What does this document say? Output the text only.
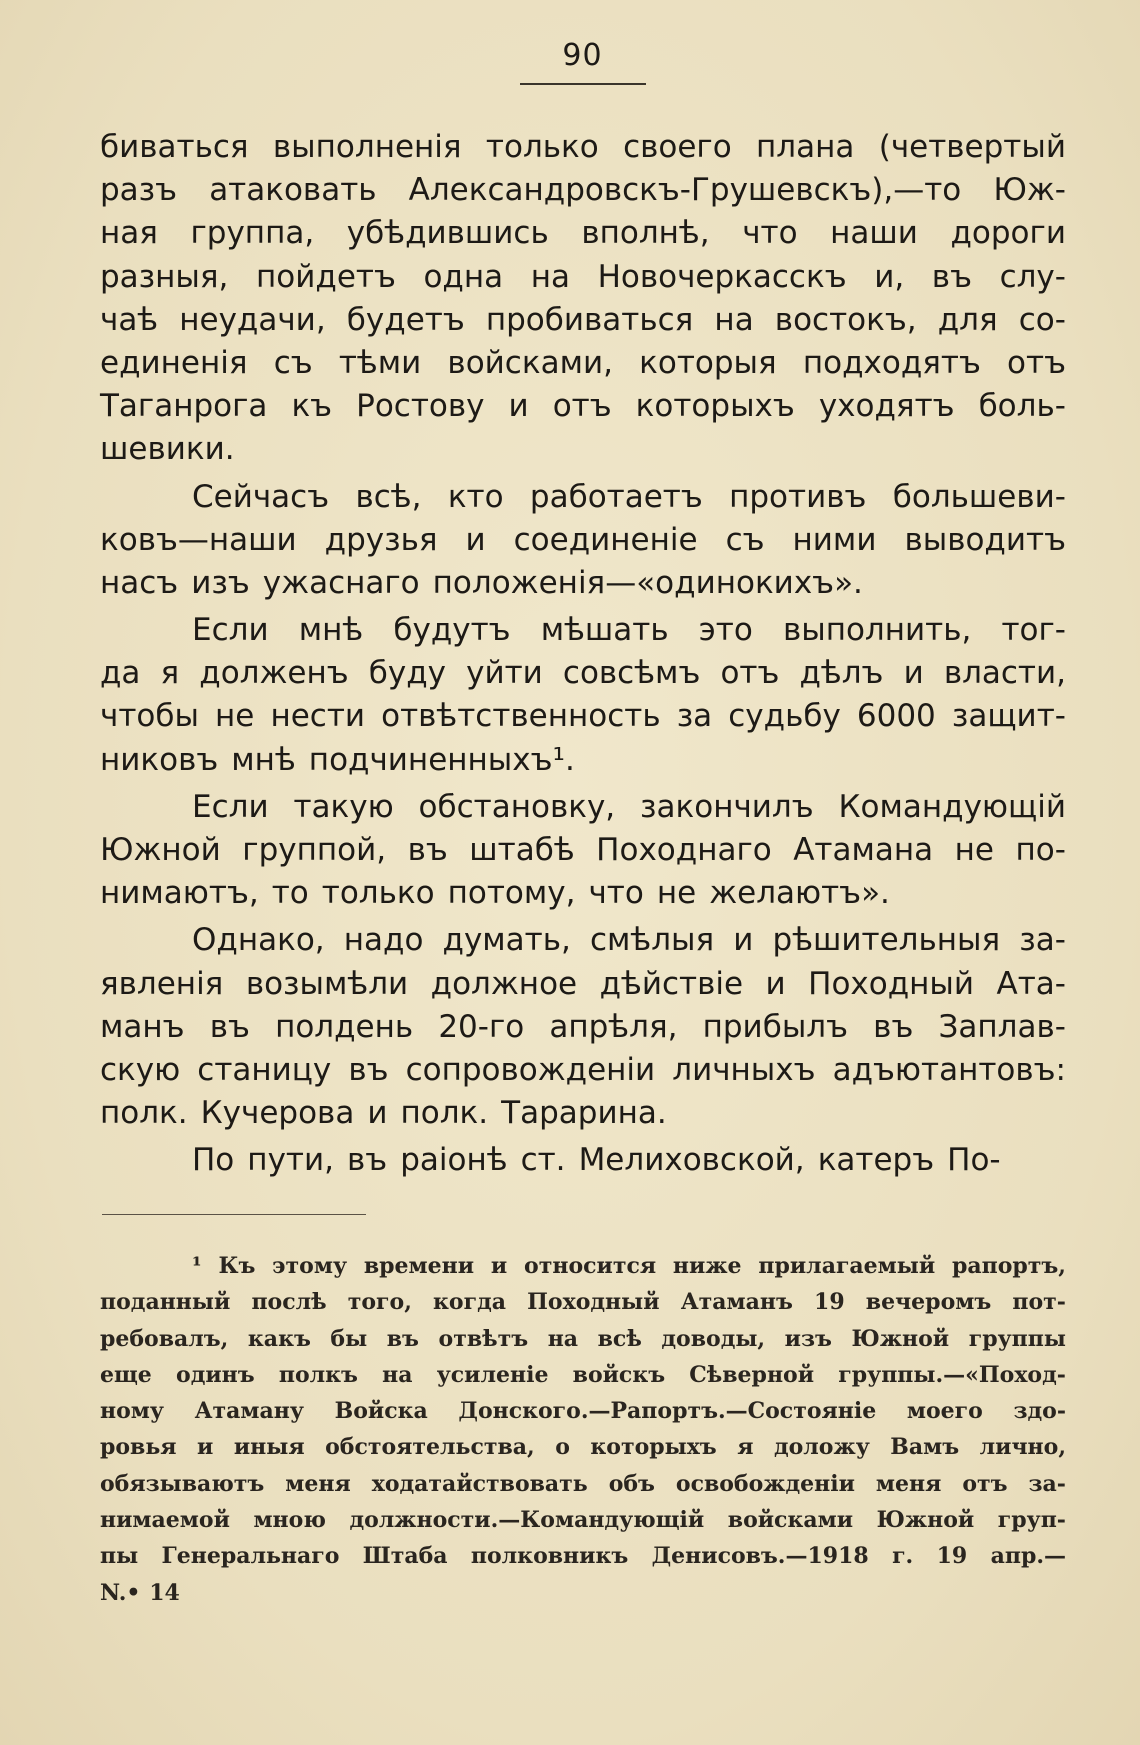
90
биваться выполненія только своего плана (четвертый
разъ атаковать Александровскъ-Грушевскъ),—то Юж-
ная группа, убѣдившись вполнѣ, что наши дороги
разныя, пойдетъ одна на Новочеркасскъ и, въ слу-
чаѣ неудачи, будетъ пробиваться на востокъ, для со-
единенія съ тѣми войсками, которыя подходятъ отъ
Таганрога къ Ростову и отъ которыхъ уходятъ боль-
шевики.
Сейчасъ всѣ, кто работаетъ противъ большеви-
ковъ—наши друзья и соединеніе съ ними выводитъ
насъ изъ ужаснаго положенія—«одинокихъ».
Если мнѣ будутъ мѣшать это выполнить, тог-
да я долженъ буду уйти совсѣмъ отъ дѣлъ и власти,
чтобы не нести отвѣтственность за судьбу 6000 защит-
никовъ мнѣ подчиненныхъ¹.
Если такую обстановку, закончилъ Командующій
Южной группой, въ штабѣ Походнаго Атамана не по-
нимаютъ, то только потому, что не желаютъ».
Однако, надо думать, смѣлыя и рѣшительныя за-
явленія возымѣли должное дѣйствіе и Походный Ата-
манъ въ полдень 20-го апрѣля, прибылъ въ Заплав-
скую станицу въ сопровожденіи личныхъ адъютантовъ:
полк. Кучерова и полк. Тарарина.
По пути, въ раіонѣ ст. Мелиховской, катеръ По-
¹ Къ этому времени и относится ниже прилагаемый рапортъ,
поданный послѣ того, когда Походный Атаманъ 19 вечеромъ пот-
ребовалъ, какъ бы въ отвѣтъ на всѣ доводы, изъ Южной группы
еще одинъ полкъ на усиленіе войскъ Сѣверной группы.—«Поход-
ному Атаману Войска Донского.—Рапортъ.—Состояніе моего здо-
ровья и иныя обстоятельства, о которыхъ я доложу Вамъ лично,
обязываютъ меня ходатайствовать объ освобожденіи меня отъ за-
нимаемой мною должности.—Командующій войсками Южной груп-
пы Генеральнаго Штаба полковникъ Денисовъ.—1918 г. 19 апр.—
N.• 14
